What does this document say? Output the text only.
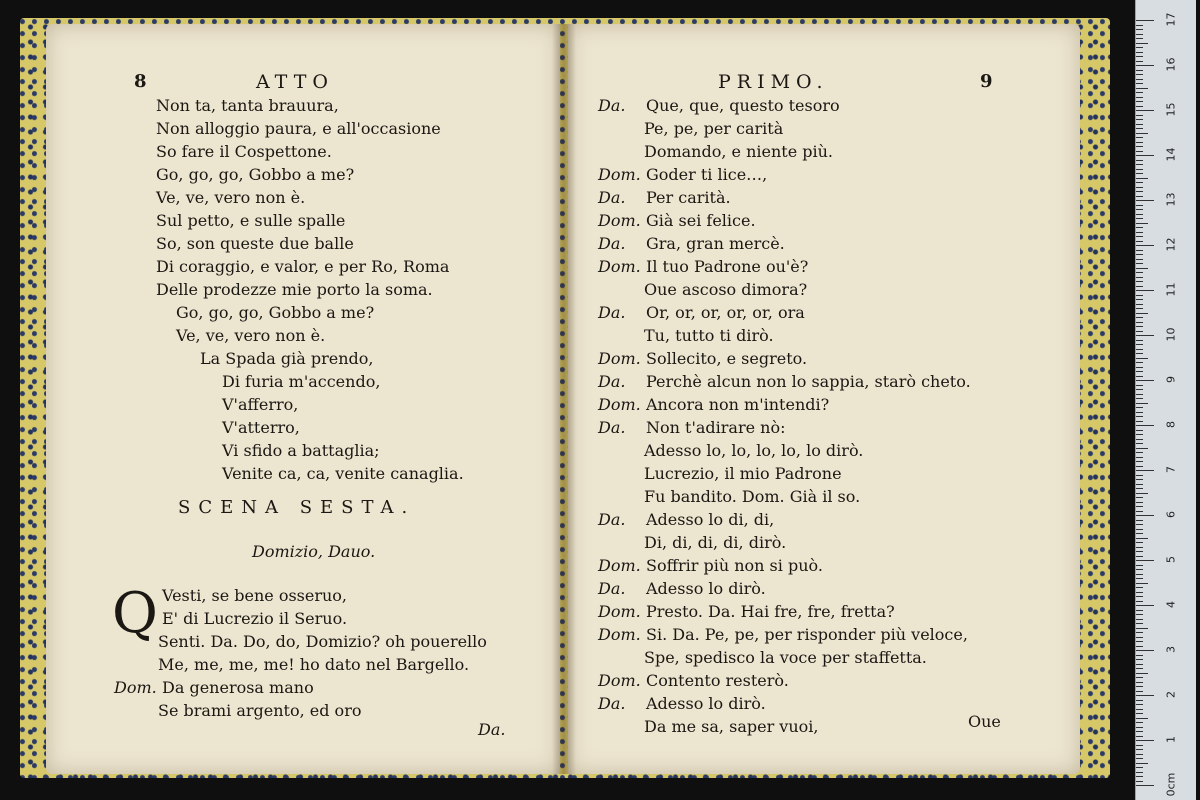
8	ATTO
Non ta, tanta brauura,
Non alloggio paura, e all'occasione
So fare il Cospettone.
Go, go, go, Gobbo a me?
Ve, ve, vero non è.
Sul petto, e sulle spalle
So, son queste due balle
Di coraggio, e valor, e per Ro, Roma
Delle prodezze mie porto la soma.
Go, go, go, Gobbo a me?
Ve, ve, vero non è.
La Spada già prendo,
Di furia m'accendo,
V'afferro,
V'atterro,
Vi sfido a battaglia;
Venite ca, ca, venite canaglia.
SCENA SESTA.
Domizio, Dauo.
Q Vesti, se bene osseruo,
E' di Lucrezio il Seruo.
Senti. Da. Do, do, Domizio? oh pouerello
Me, me, me, me! ho dato nel Bargello.
Dom. Da generosa mano
Se brami argento, ed oro
Da.
PRIMO.	9
Da. Que, que, questo tesoro
Pe, pe, per carità
Domando, e niente più.
Dom. Goder ti lice…,
Da. Per carità.
Dom. Già sei felice.
Da. Gra, gran mercè.
Dom. Il tuo Padrone ou'è?
Oue ascoso dimora?
Da. Or, or, or, or, or, ora
Tu, tutto ti dirò.
Dom. Sollecito, e segreto.
Da. Perchè alcun non lo sappia, starò cheto.
Dom. Ancora non m'intendi?
Da. Non t'adirare nò:
Adesso lo, lo, lo, lo, lo dirò.
Lucrezio, il mio Padrone
Fu bandito. Dom. Già il so.
Da. Adesso lo di, di,
Di, di, di, di, dirò.
Dom. Soffrir più non si può.
Da. Adesso lo dirò.
Dom. Presto. Da. Hai fre, fre, fretta?
Dom. Si. Da. Pe, pe, per risponder più veloce,
Spe, spedisco la voce per staffetta.
Dom. Contento resterò.
Da. Adesso lo dirò.
Da me sa, saper vuoi,	Oue
0cm
1
2
3
4
5
6
7
8
9
10
11
12
13
14
15
16
17
